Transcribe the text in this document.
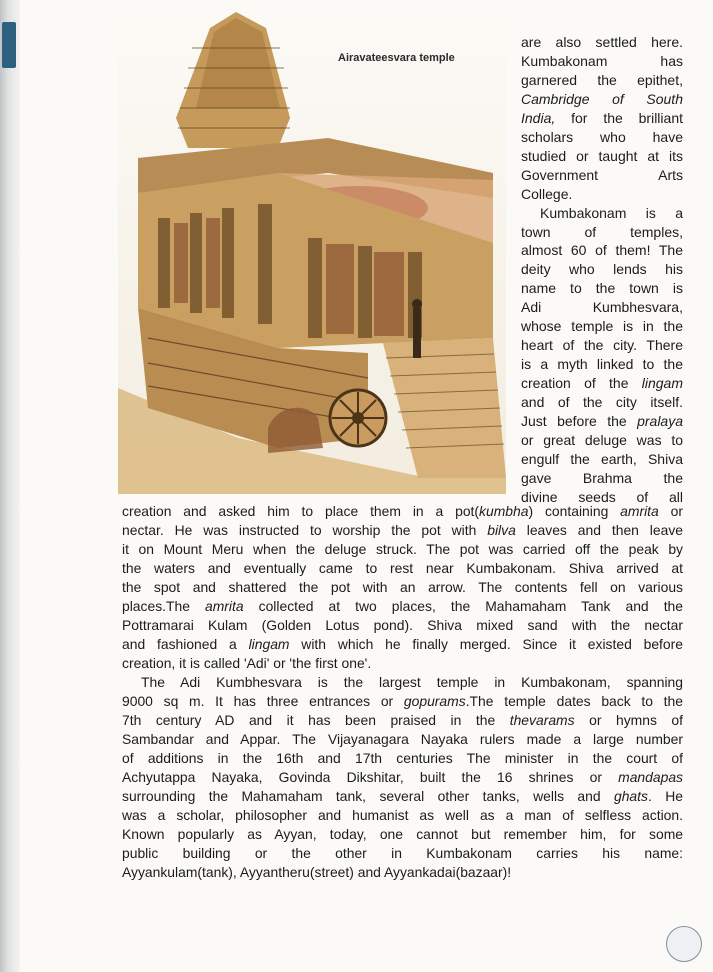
Airavateesvara temple
are also settled here.
Kumbakonam has
garnered the epithet,
Cambridge of South
India, for the brilliant
scholars who have
studied or taught at its
Government Arts
College.
Kumbakonam is a
town of temples,
almost 60 of them! The
deity who lends his
name to the town is
Adi Kumbhesvara,
whose temple is in the
heart of the city. There
is a myth linked to the
creation of the lingam
and of the city itself.
Just before the pralaya
or great deluge was to
engulf the earth, Shiva
gave Brahma the
divine seeds of all
creation and asked him to place them in a pot(kumbha) containing amrita or
nectar. He was instructed to worship the pot with bilva leaves and then leave
it on Mount Meru when the deluge struck. The pot was carried off the peak by
the waters and eventually came to rest near Kumbakonam. Shiva arrived at
the spot and shattered the pot with an arrow. The contents fell on various
places.The amrita collected at two places, the Mahamaham Tank and the
Pottramarai Kulam (Golden Lotus pond). Shiva mixed sand with the nectar
and fashioned a lingam with which he finally merged. Since it existed before
creation, it is called 'Adi' or 'the first one'.
The Adi Kumbhesvara is the largest temple in Kumbakonam, spanning
9000 sq m. It has three entrances or gopurams.The temple dates back to the
7th century AD and it has been praised in the thevarams or hymns of
Sambandar and Appar. The Vijayanagara Nayaka rulers made a large number
of additions in the 16th and 17th centuries The minister in the court of
Achyutappa Nayaka, Govinda Dikshitar, built the 16 shrines or mandapas
surrounding the Mahamaham tank, several other tanks, wells and ghats. He
was a scholar, philosopher and humanist as well as a man of selfless action.
Known popularly as Ayyan, today, one cannot but remember him, for some
public building or the other in Kumbakonam carries his name:
Ayyankulam(tank), Ayyantheru(street) and Ayyankadai(bazaar)!
